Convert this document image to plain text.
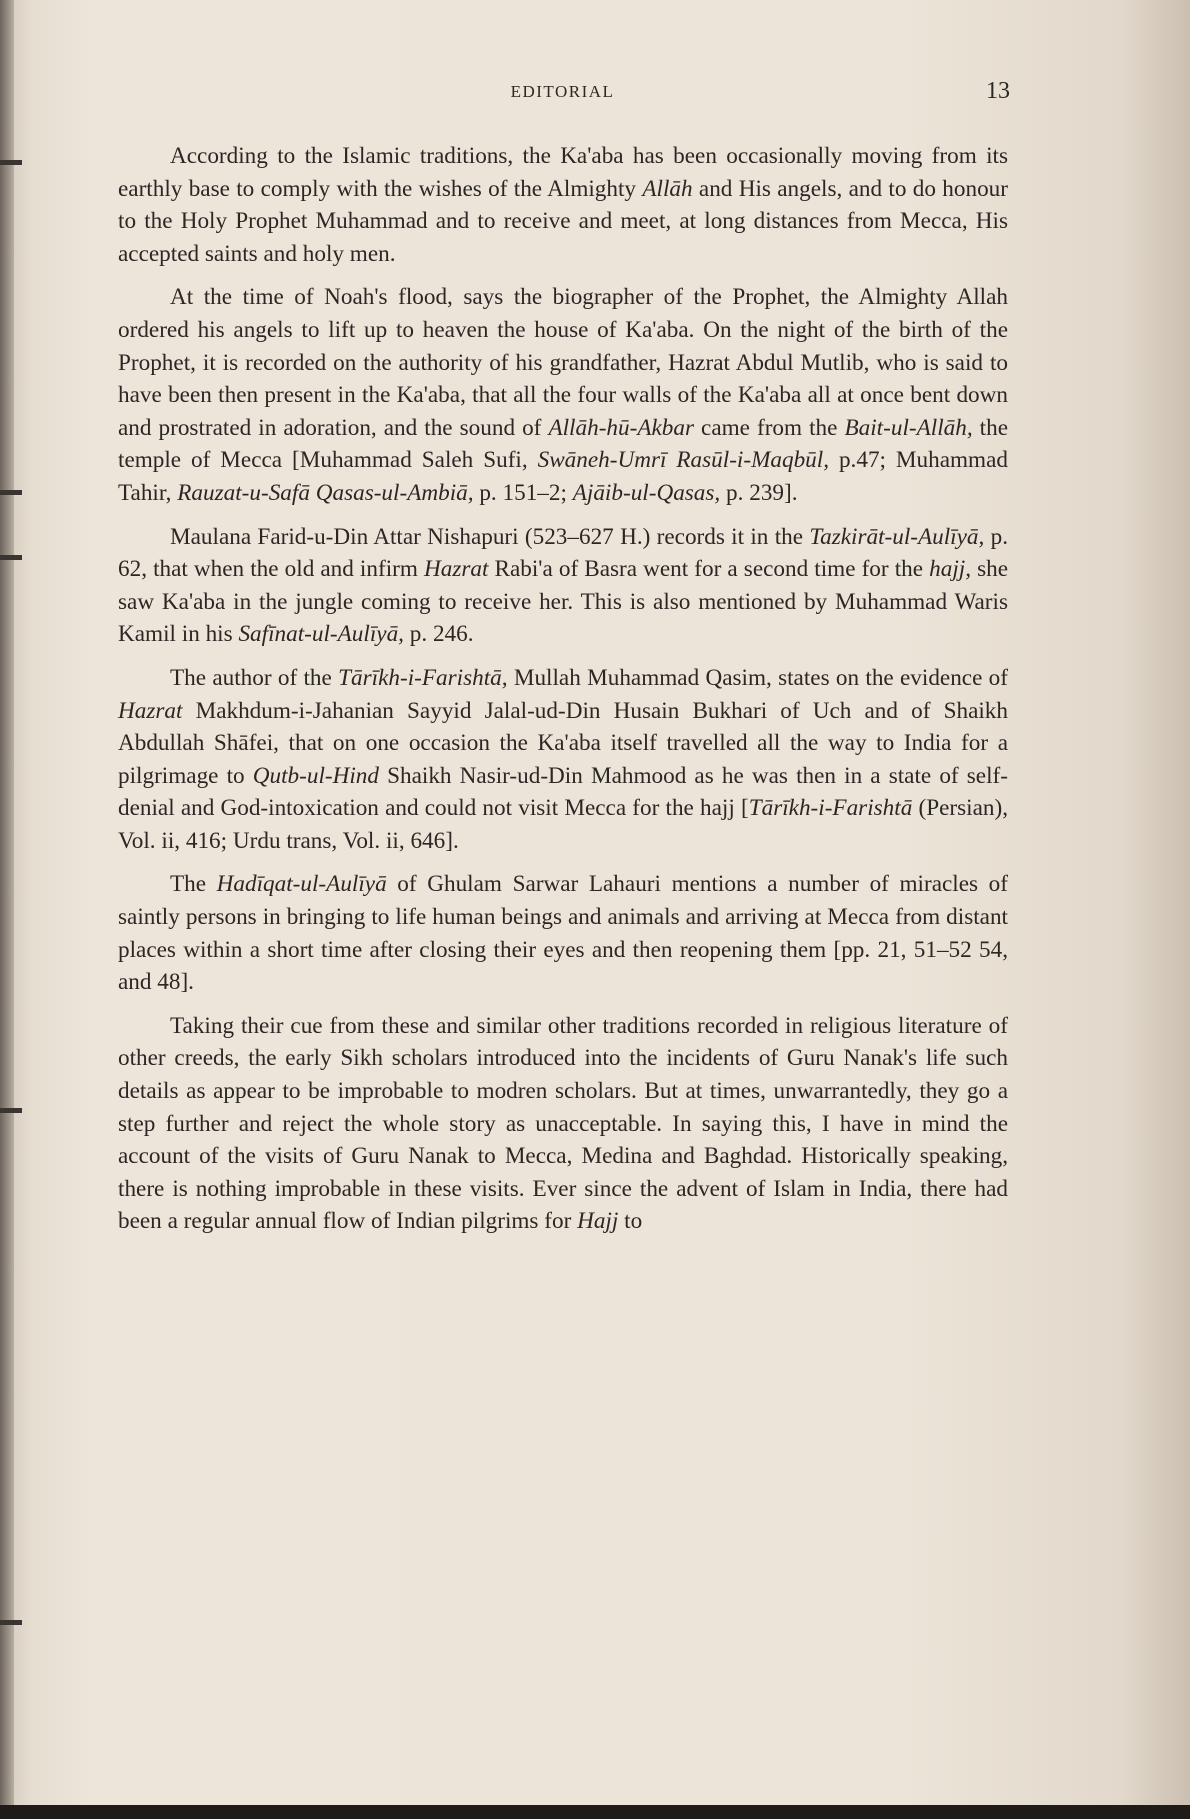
EDITORIAL	13

According to the Islamic traditions, the Ka'aba has been occasionally moving from its earthly base to comply with the wishes of the Almighty Allāh and His angels, and to do honour to the Holy Prophet Muhammad and to receive and meet, at long distances from Mecca, His accepted saints and holy men.

At the time of Noah's flood, says the biographer of the Prophet, the Almighty Allah ordered his angels to lift up to heaven the house of Ka'aba. On the night of the birth of the Prophet, it is recorded on the authority of his grandfather, Hazrat Abdul Mutlib, who is said to have been then present in the Ka'aba, that all the four walls of the Ka'aba all at once bent down and prostrated in adoration, and the sound of Allāh-hū-Akbar came from the Bait-ul-Allāh, the temple of Mecca [Muhammad Saleh Sufi, Swāneh-Umrī Rasūl-i-Maqbūl, p.47; Muhammad Tahir, Rauzat-u-Safā Qasas-ul-Ambiā, p. 151–2; Ajāib-ul-Qasas, p. 239].

Maulana Farid-u-Din Attar Nishapuri (523–627 H.) records it in the Tazkirāt-ul-Aulīyā, p. 62, that when the old and infirm Hazrat Rabi'a of Basra went for a second time for the hajj, she saw Ka'aba in the jungle coming to receive her. This is also mentioned by Muhammad Waris Kamil in his Safīnat-ul-Aulīyā, p. 246.

The author of the Tārīkh-i-Farishtā, Mullah Muhammad Qasim, states on the evidence of Hazrat Makhdum-i-Jahanian Sayyid Jalal-ud-Din Husain Bukhari of Uch and of Shaikh Abdullah Shāfei, that on one occasion the Ka'aba itself travelled all the way to India for a pilgrimage to Qutb-ul-Hind Shaikh Nasir-ud-Din Mahmood as he was then in a state of self-denial and God-intoxication and could not visit Mecca for the hajj [Tārīkh-i-Farishtā (Persian), Vol. ii, 416; Urdu trans, Vol. ii, 646].

The Hadīqat-ul-Aulīyā of Ghulam Sarwar Lahauri mentions a number of miracles of saintly persons in bringing to life human beings and animals and arriving at Mecca from distant places within a short time after closing their eyes and then reopening them [pp. 21, 51–52 54, and 48].

Taking their cue from these and similar other traditions recorded in religious literature of other creeds, the early Sikh scholars introduced into the incidents of Guru Nanak's life such details as appear to be improbable to modren scholars. But at times, unwarrantedly, they go a step further and reject the whole story as unacceptable. In saying this, I have in mind the account of the visits of Guru Nanak to Mecca, Medina and Baghdad. Historically speaking, there is nothing improbable in these visits. Ever since the advent of Islam in India, there had been a regular annual flow of Indian pilgrims for Hajj to
